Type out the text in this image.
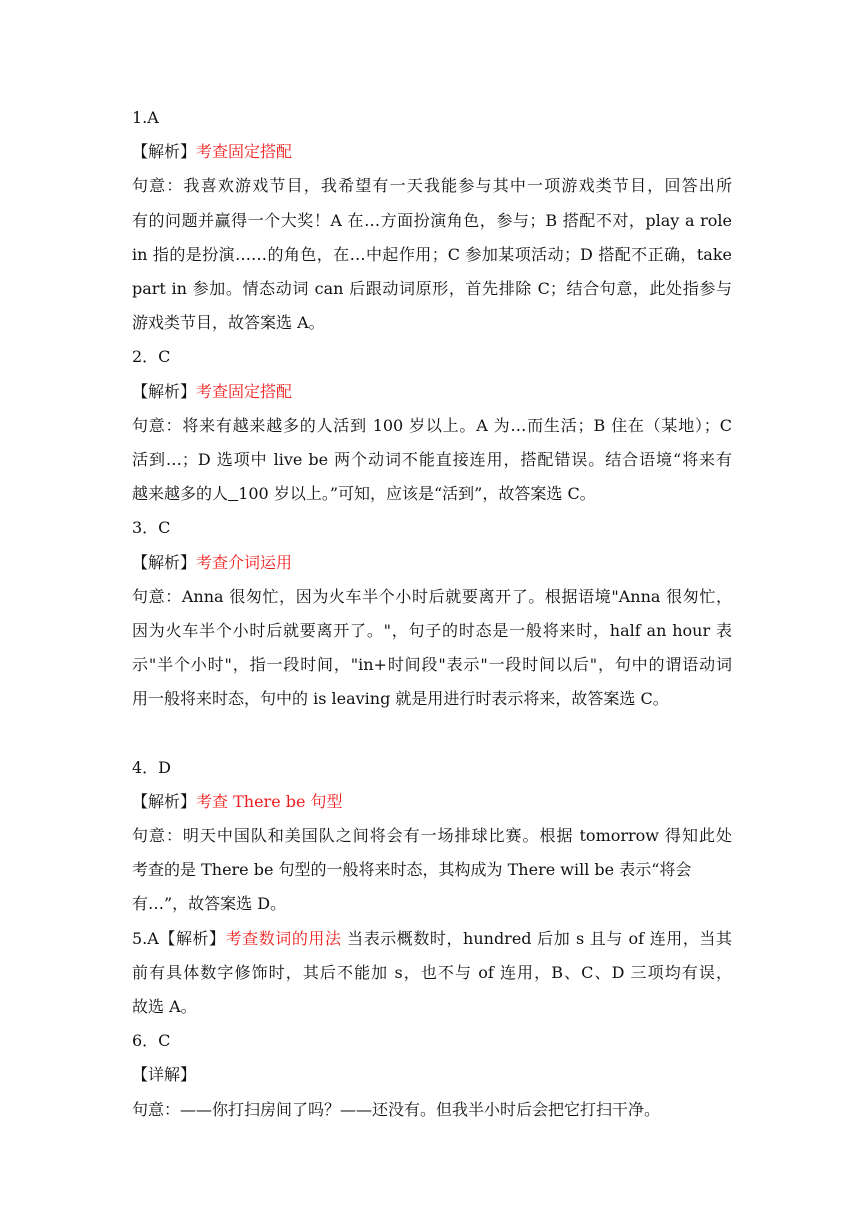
1.A
【解析】考查固定搭配
句意：我喜欢游戏节目，我希望有一天我能参与其中一项游戏类节目，回答出所
有的问题并赢得一个大奖！A 在…方面扮演角色，参与；B 搭配不对，play a role
in 指的是扮演……的角色，在…中起作用；C 参加某项活动；D 搭配不正确，take
part in 参加。情态动词 can 后跟动词原形，首先排除 C；结合句意，此处指参与
游戏类节目，故答案选 A。
2．C
【解析】考查固定搭配
句意：将来有越来越多的人活到 100 岁以上。A 为…而生活；B 住在（某地）；C
活到…；D 选项中 live be 两个动词不能直接连用，搭配错误。结合语境“将来有
越来越多的人 100 岁以上。”可知，应该是“活到”，故答案选 C。
3．C
【解析】考查介词运用
句意：Anna 很匆忙，因为火车半个小时后就要离开了。根据语境"Anna 很匆忙，
因为火车半个小时后就要离开了。"，句子的时态是一般将来时，half an hour 表
示"半个小时"，指一段时间，"in+时间段"表示"一段时间以后"，句中的谓语动词
用一般将来时态，句中的 is leaving 就是用进行时表示将来，故答案选 C。
4．D
【解析】考查 There be 句型
句意：明天中国队和美国队之间将会有一场排球比赛。根据 tomorrow 得知此处
考查的是 There be 句型的一般将来时态，其构成为 There will be 表示“将会
有…”，故答案选 D。
5.A【解析】考查数词的用法 当表示概数时，hundred 后加 s 且与 of 连用，当其
前有具体数字修饰时，其后不能加 s，也不与 of 连用，B、C、D 三项均有误，
故选 A。
6．C
【详解】
句意：——你打扫房间了吗？——还没有。但我半小时后会把它打扫干净。
